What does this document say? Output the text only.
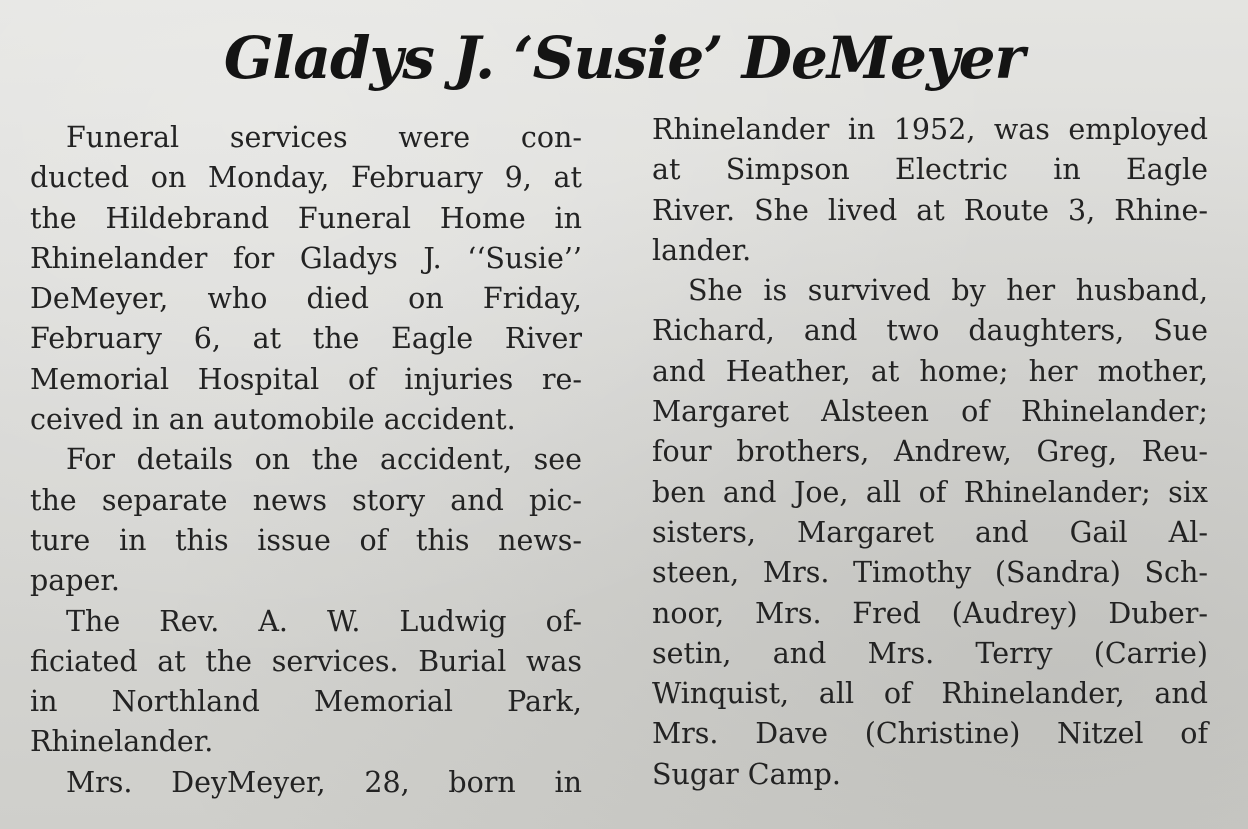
Gladys J. ‘Susie’ DeMeyer
Funeral services were con-
ducted on Monday, February 9, at
the Hildebrand Funeral Home in
Rhinelander for Gladys J. ‘‘Susie’’
DeMeyer, who died on Friday,
February 6, at the Eagle River
Memorial Hospital of injuries re-
ceived in an automobile accident.
For details on the accident, see
the separate news story and pic-
ture in this issue of this news-
paper.
The Rev. A. W. Ludwig of-
ficiated at the services. Burial was
in Northland Memorial Park,
Rhinelander.
Mrs. DeyMeyer, 28, born in
Rhinelander in 1952, was employed
at Simpson Electric in Eagle
River. She lived at Route 3, Rhine-
lander.
She is survived by her husband,
Richard, and two daughters, Sue
and Heather, at home; her mother,
Margaret Alsteen of Rhinelander;
four brothers, Andrew, Greg, Reu-
ben and Joe, all of Rhinelander; six
sisters, Margaret and Gail Al-
steen, Mrs. Timothy (Sandra) Sch-
noor, Mrs. Fred (Audrey) Duber-
setin, and Mrs. Terry (Carrie)
Winquist, all of Rhinelander, and
Mrs. Dave (Christine) Nitzel of
Sugar Camp.
